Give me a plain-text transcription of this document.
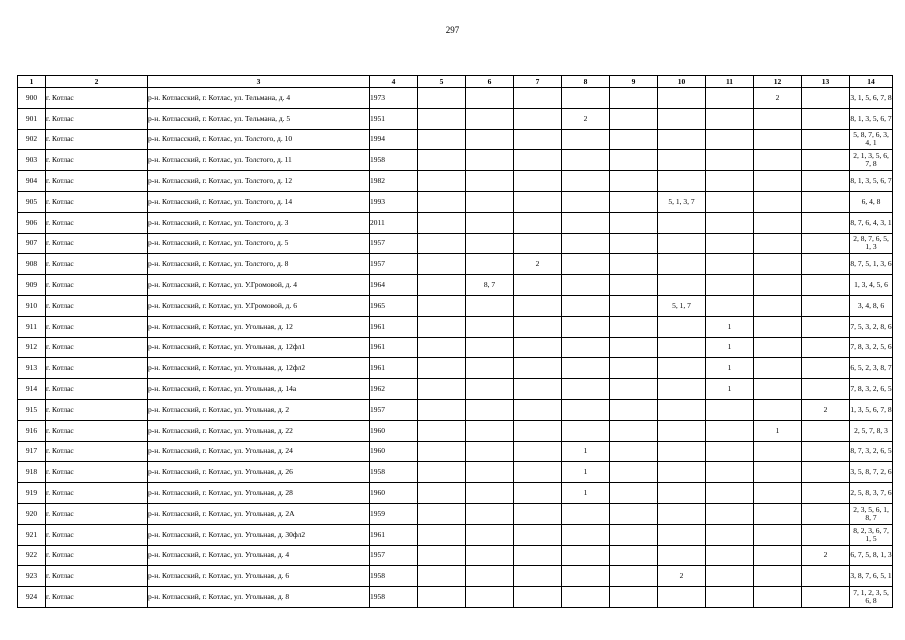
297
1	2	3	4	5	6	7	8	9	10	11	12	13	14
900	г. Котлас	р-н. Котласский, г. Котлас, ул. Тельмана, д. 4	1973								2		3, 1, 5, 6, 7, 8
901	г. Котлас	р-н. Котласский, г. Котлас, ул. Тельмана, д. 5	1951				2						8, 1, 3, 5, 6, 7
902	г. Котлас	р-н. Котласский, г. Котлас, ул. Толстого, д. 10	1994										5, 8, 7, 6, 3, 4, 1
903	г. Котлас	р-н. Котласский, г. Котлас, ул. Толстого, д. 11	1958										2, 1, 3, 5, 6, 7, 8
904	г. Котлас	р-н. Котласский, г. Котлас, ул. Толстого, д. 12	1982										8, 1, 3, 5, 6, 7
905	г. Котлас	р-н. Котласский, г. Котлас, ул. Толстого, д. 14	1993						5, 1, 3, 7				6, 4, 8
906	г. Котлас	р-н. Котласский, г. Котлас, ул. Толстого, д. 3	2011										8, 7, 6, 4, 3, 1
907	г. Котлас	р-н. Котласский, г. Котлас, ул. Толстого, д. 5	1957										2, 8, 7, 6, 5, 1, 3
908	г. Котлас	р-н. Котласский, г. Котлас, ул. Толстого, д. 8	1957			2							8, 7, 5, 1, 3, 6
909	г. Котлас	р-н. Котласский, г. Котлас, ул. У.Громовой, д. 4	1964		8, 7								1, 3, 4, 5, 6
910	г. Котлас	р-н. Котласский, г. Котлас, ул. У.Громовой, д. 6	1965						5, 1, 7				3, 4, 8, 6
911	г. Котлас	р-н. Котласский, г. Котлас, ул. Угольная, д. 12	1961							1			7, 5, 3, 2, 8, 6
912	г. Котлас	р-н. Котласский, г. Котлас, ул. Угольная, д. 12фл1	1961							1			7, 8, 3, 2, 5, 6
913	г. Котлас	р-н. Котласский, г. Котлас, ул. Угольная, д. 12фл2	1961							1			6, 5, 2, 3, 8, 7
914	г. Котлас	р-н. Котласский, г. Котлас, ул. Угольная, д. 14а	1962							1			7, 8, 3, 2, 6, 5
915	г. Котлас	р-н. Котласский, г. Котлас, ул. Угольная, д. 2	1957									2	1, 3, 5, 6, 7, 8
916	г. Котлас	р-н. Котласский, г. Котлас, ул. Угольная, д. 22	1960								1		2, 5, 7, 8, 3
917	г. Котлас	р-н. Котласский, г. Котлас, ул. Угольная, д. 24	1960				1						8, 7, 3, 2, 6, 5
918	г. Котлас	р-н. Котласский, г. Котлас, ул. Угольная, д. 26	1958				1						3, 5, 8, 7, 2, 6
919	г. Котлас	р-н. Котласский, г. Котлас, ул. Угольная, д. 28	1960				1						2, 5, 8, 3, 7, 6
920	г. Котлас	р-н. Котласский, г. Котлас, ул. Угольная, д. 2А	1959										2, 3, 5, 6, 1, 8, 7
921	г. Котлас	р-н. Котласский, г. Котлас, ул. Угольная, д. 30фл2	1961										8, 2, 3, 6, 7, 1, 5
922	г. Котлас	р-н. Котласский, г. Котлас, ул. Угольная, д. 4	1957									2	6, 7, 5, 8, 1, 3
923	г. Котлас	р-н. Котласский, г. Котлас, ул. Угольная, д. 6	1958						2				3, 8, 7, 6, 5, 1
924	г. Котлас	р-н. Котласский, г. Котлас, ул. Угольная, д. 8	1958										7, 1, 2, 3, 5, 6, 8
